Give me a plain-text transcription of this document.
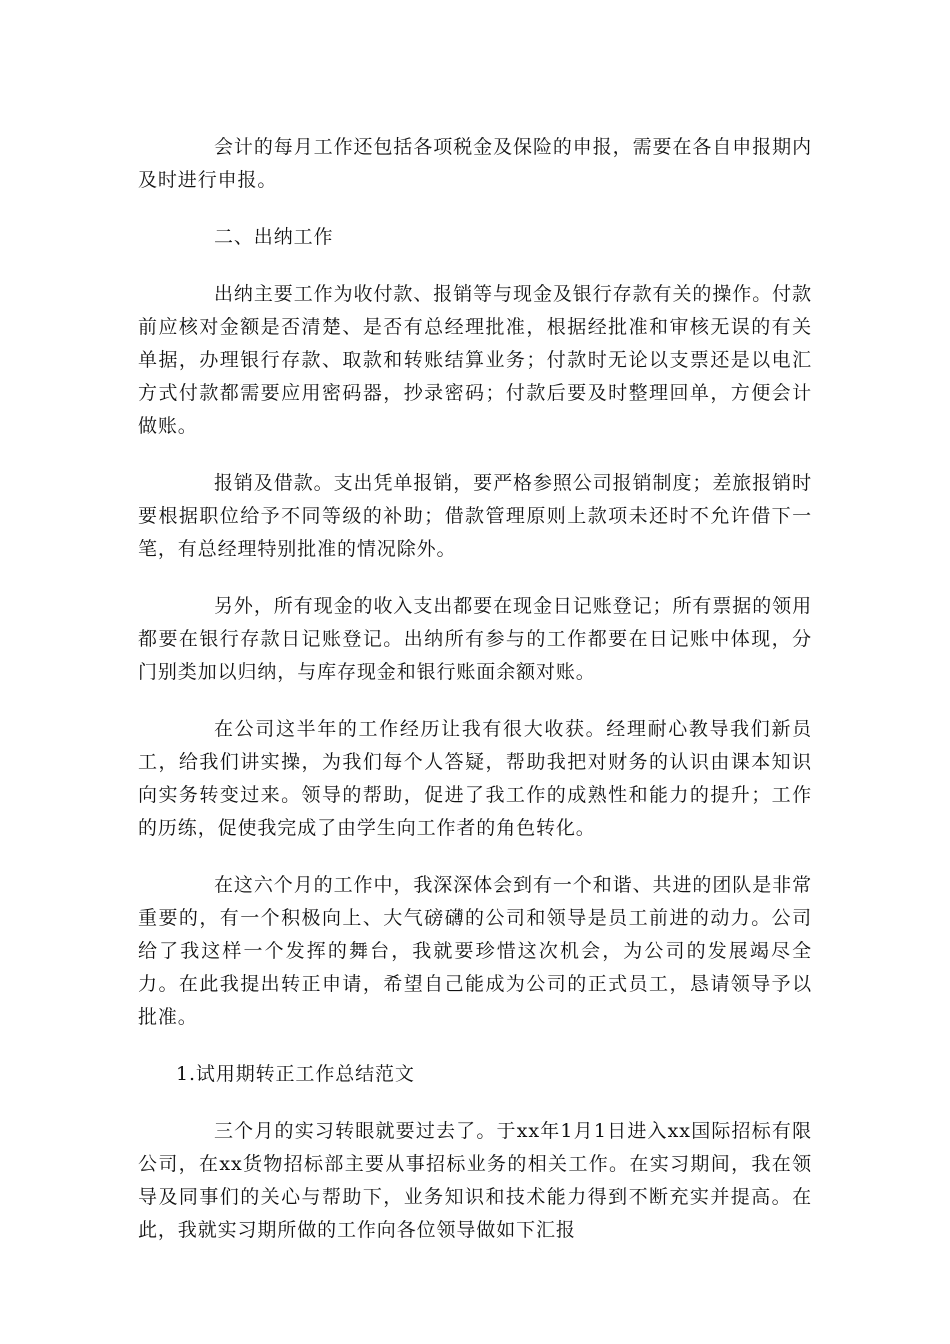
会计的每月工作还包括各项税金及保险的申报，需要在各自申报期内及时进行申报。

二、出纳工作

出纳主要工作为收付款、报销等与现金及银行存款有关的操作。付款前应核对金额是否清楚、是否有总经理批准，根据经批准和审核无误的有关单据，办理银行存款、取款和转账结算业务；付款时无论以支票还是以电汇方式付款都需要应用密码器，抄录密码；付款后要及时整理回单，方便会计做账。

报销及借款。支出凭单报销，要严格参照公司报销制度；差旅报销时要根据职位给予不同等级的补助；借款管理原则上款项未还时不允许借下一笔，有总经理特别批准的情况除外。

另外，所有现金的收入支出都要在现金日记账登记；所有票据的领用都要在银行存款日记账登记。出纳所有参与的工作都要在日记账中体现，分门别类加以归纳，与库存现金和银行账面余额对账。

在公司这半年的工作经历让我有很大收获。经理耐心教导我们新员工，给我们讲实操，为我们每个人答疑，帮助我把对财务的认识由课本知识向实务转变过来。领导的帮助，促进了我工作的成熟性和能力的提升；工作的历练，促使我完成了由学生向工作者的角色转化。

在这六个月的工作中，我深深体会到有一个和谐、共进的团队是非常重要的，有一个积极向上、大气磅礴的公司和领导是员工前进的动力。公司给了我这样一个发挥的舞台，我就要珍惜这次机会，为公司的发展竭尽全力。在此我提出转正申请，希望自己能成为公司的正式员工，恳请领导予以批准。

1.试用期转正工作总结范文

三个月的实习转眼就要过去了。于xx年1月1日进入xx国际招标有限公司，在xx货物招标部主要从事招标业务的相关工作。在实习期间，我在领导及同事们的关心与帮助下，业务知识和技术能力得到不断充实并提高。在此，我就实习期所做的工作向各位领导做如下汇报
